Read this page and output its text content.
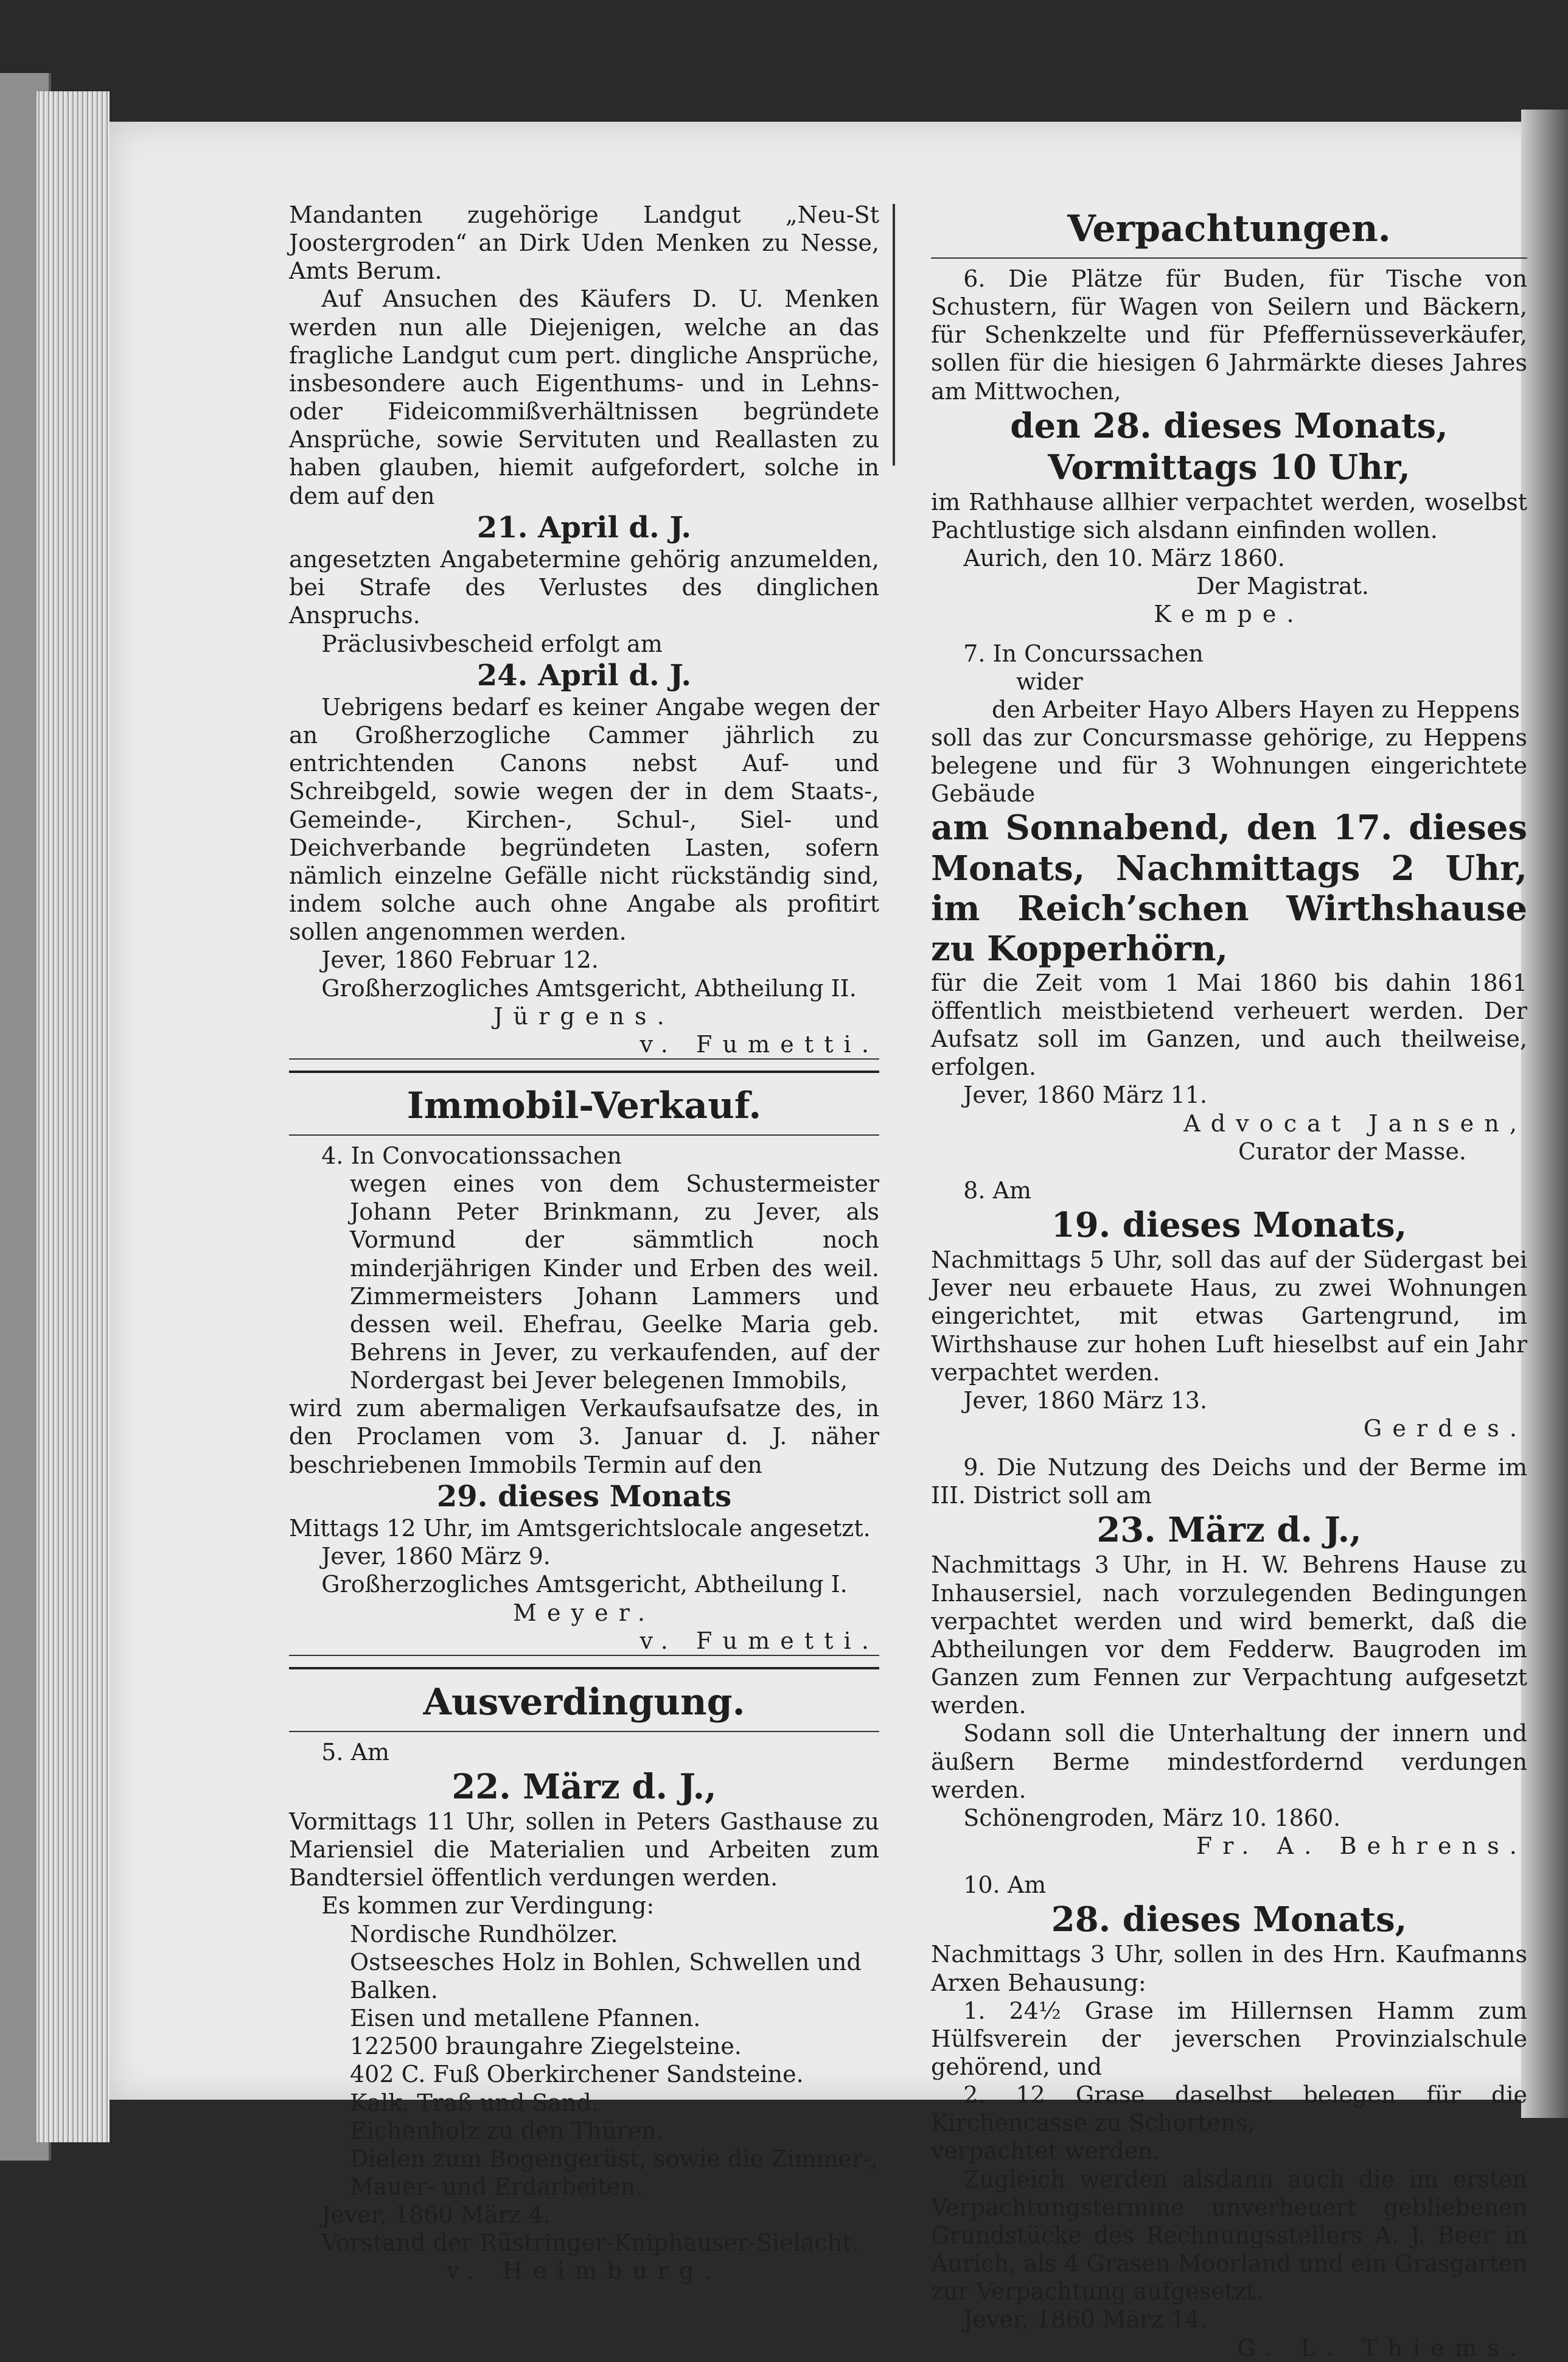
Mandanten zugehörige Landgut „Neu-St Joostergroden“ an Dirk Uden Menken zu Nesse, Amts Berum.

Auf Ansuchen des Käufers D. U. Menken werden nun alle Diejenigen, welche an das fragliche Landgut cum pert. dingliche Ansprüche, insbesondere auch Eigenthums- und in Lehns- oder Fideicommißverhältnissen begründete Ansprüche, sowie Servituten und Reallasten zu haben glauben, hiemit aufgefordert, solche in dem auf den

21. April d. J.

angesetzten Angabetermine gehörig anzumelden, bei Strafe des Verlustes des dinglichen Anspruchs.

Präclusivbescheid erfolgt am

24. April d. J.

Uebrigens bedarf es keiner Angabe wegen der an Großherzogliche Cammer jährlich zu entrichtenden Canons nebst Auf- und Schreibgeld, sowie wegen der in dem Staats-, Gemeinde-, Kirchen-, Schul-, Siel- und Deichverbande begründeten Lasten, sofern nämlich einzelne Gefälle nicht rückständig sind, indem solche auch ohne Angabe als profitirt sollen angenommen werden.

Jever, 1860 Februar 12.

Großherzogliches Amtsgericht, Abtheilung II.

Jürgens.

v. Fumetti.

Immobil-Verkauf.

4. In Convocationssachen

wegen eines von dem Schustermeister Johann Peter Brinkmann, zu Jever, als Vormund der sämmtlich noch minderjährigen Kinder und Erben des weil. Zimmermeisters Johann Lammers und dessen weil. Ehefrau, Geelke Maria geb. Behrens in Jever, zu verkaufenden, auf der Nordergast bei Jever belegenen Immobils,

wird zum abermaligen Verkaufsaufsatze des, in den Proclamen vom 3. Januar d. J. näher beschriebenen Immobils Termin auf den

29. dieses Monats

Mittags 12 Uhr, im Amtsgerichtslocale angesetzt.

Jever, 1860 März 9.

Großherzogliches Amtsgericht, Abtheilung I.

Meyer.

v. Fumetti.

Ausverdingung.

5. Am

22. März d. J.,

Vormittags 11 Uhr, sollen in Peters Gasthause zu Mariensiel die Materialien und Arbeiten zum Bandtersiel öffentlich verdungen werden.

Es kommen zur Verdingung:

Nordische Rundhölzer.

Ostseesches Holz in Bohlen, Schwellen und Balken.

Eisen und metallene Pfannen.

122500 braungahre Ziegelsteine.

402 C. Fuß Oberkirchener Sandsteine.

Kalk, Traß und Sand.

Eichenholz zu den Thüren.

Dielen zum Bogengerüst, sowie die Zimmer-, Mauer- und Erdarbeiten.

Jever, 1860 März 4.

Vorstand der Rüstringer-Kniphauser-Sielacht.

v. Heimburg.

Verpachtungen.

6. Die Plätze für Buden, für Tische von Schustern, für Wagen von Seilern und Bäckern, für Schenkzelte und für Pfeffernüsseverkäufer, sollen für die hiesigen 6 Jahrmärkte dieses Jahres am Mittwochen,

den 28. dieses Monats,

Vormittags 10 Uhr,

im Rathhause allhier verpachtet werden, woselbst Pachtlustige sich alsdann einfinden wollen.

Aurich, den 10. März 1860.

Der Magistrat.

Kempe.

7. In Concurssachen

wider

den Arbeiter Hayo Albers Hayen zu Heppens

soll das zur Concursmasse gehörige, zu Heppens belegene und für 3 Wohnungen eingerichtete Gebäude

am Sonnabend, den 17. dieses Monats, Nachmittags 2 Uhr, im Reich’schen Wirthshause zu Kopperhörn,

für die Zeit vom 1 Mai 1860 bis dahin 1861 öffentlich meistbietend verheuert werden. Der Aufsatz soll im Ganzen, und auch theilweise, erfolgen.

Jever, 1860 März 11.

Advocat Jansen,

Curator der Masse.

8. Am

19. dieses Monats,

Nachmittags 5 Uhr, soll das auf der Südergast bei Jever neu erbauete Haus, zu zwei Wohnungen eingerichtet, mit etwas Gartengrund, im Wirthshause zur hohen Luft hieselbst auf ein Jahr verpachtet werden.

Jever, 1860 März 13.

Gerdes.

9. Die Nutzung des Deichs und der Berme im III. District soll am

23. März d. J.,

Nachmittags 3 Uhr, in H. W. Behrens Hause zu Inhausersiel, nach vorzulegenden Bedingungen verpachtet werden und wird bemerkt, daß die Abtheilungen vor dem Fedderw. Baugroden im Ganzen zum Fennen zur Verpachtung aufgesetzt werden.

Sodann soll die Unterhaltung der innern und äußern Berme mindestfordernd verdungen werden.

Schönengroden, März 10. 1860.

Fr. A. Behrens.

10. Am

28. dieses Monats,

Nachmittags 3 Uhr, sollen in des Hrn. Kaufmanns Arxen Behausung:

1. 24½ Grase im Hillernsen Hamm zum Hülfsverein der jeverschen Provinzialschule gehörend, und

2. 12 Grase daselbst belegen für die Kirchencasse zu Schortens,

verpachtet werden.

Zugleich werden alsdann auch die im ersten Verpachtungstermine unverheuert gebliebenen Grundstücke des Rechnungsstellers A. J. Beer in Aurich, als 4 Grasen Moorland und ein Grasgarten zur Verpachtung aufgesetzt.

Jever, 1860 März 14.

G. L. Thiems.
